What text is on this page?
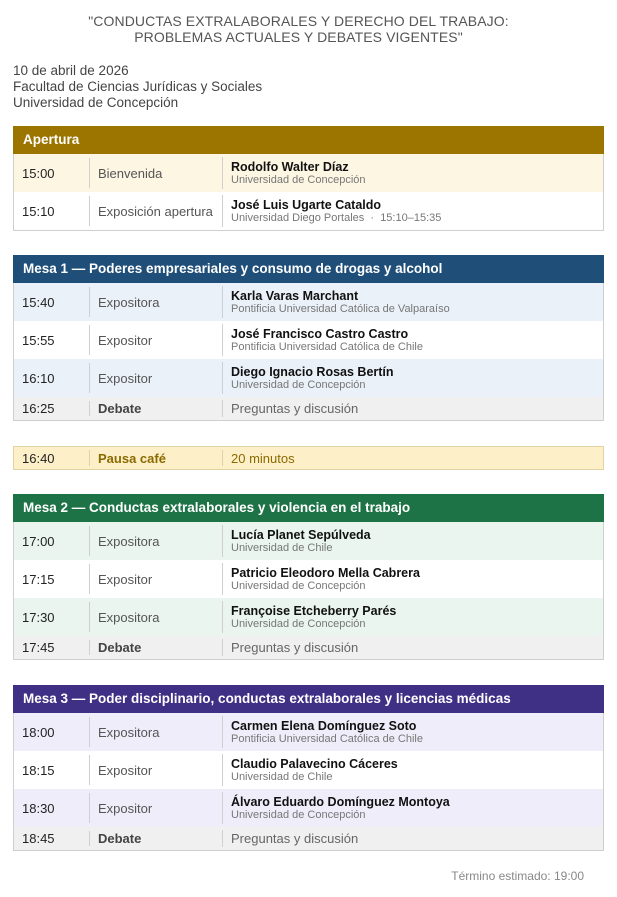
"CONDUCTAS EXTRALABORALES Y DERECHO DEL TRABAJO:
PROBLEMAS ACTUALES Y DEBATES VIGENTES"
10 de abril de 2026
Facultad de Ciencias Jurídicas y Sociales
Universidad de Concepción
Apertura
15:00	Bienvenida	Rodolfo Walter Díaz
Universidad de Concepción
15:10	Exposición apertura	José Luis Ugarte Cataldo
Universidad Diego Portales  ·  15:10–15:35
Mesa 1 — Poderes empresariales y consumo de drogas y alcohol
15:40	Expositora	Karla Varas Marchant
Pontificia Universidad Católica de Valparaíso
15:55	Expositor	José Francisco Castro Castro
Pontificia Universidad Católica de Chile
16:10	Expositor	Diego Ignacio Rosas Bertín
Universidad de Concepción
16:25	Debate	Preguntas y discusión
16:40	Pausa café	20 minutos
Mesa 2 — Conductas extralaborales y violencia en el trabajo
17:00	Expositora	Lucía Planet Sepúlveda
Universidad de Chile
17:15	Expositor	Patricio Eleodoro Mella Cabrera
Universidad de Concepción
17:30	Expositora	Françoise Etcheberry Parés
Universidad de Concepción
17:45	Debate	Preguntas y discusión
Mesa 3 — Poder disciplinario, conductas extralaborales y licencias médicas
18:00	Expositora	Carmen Elena Domínguez Soto
Pontificia Universidad Católica de Chile
18:15	Expositor	Claudio Palavecino Cáceres
Universidad de Chile
18:30	Expositor	Álvaro Eduardo Domínguez Montoya
Universidad de Concepción
18:45	Debate	Preguntas y discusión
Término estimado: 19:00
